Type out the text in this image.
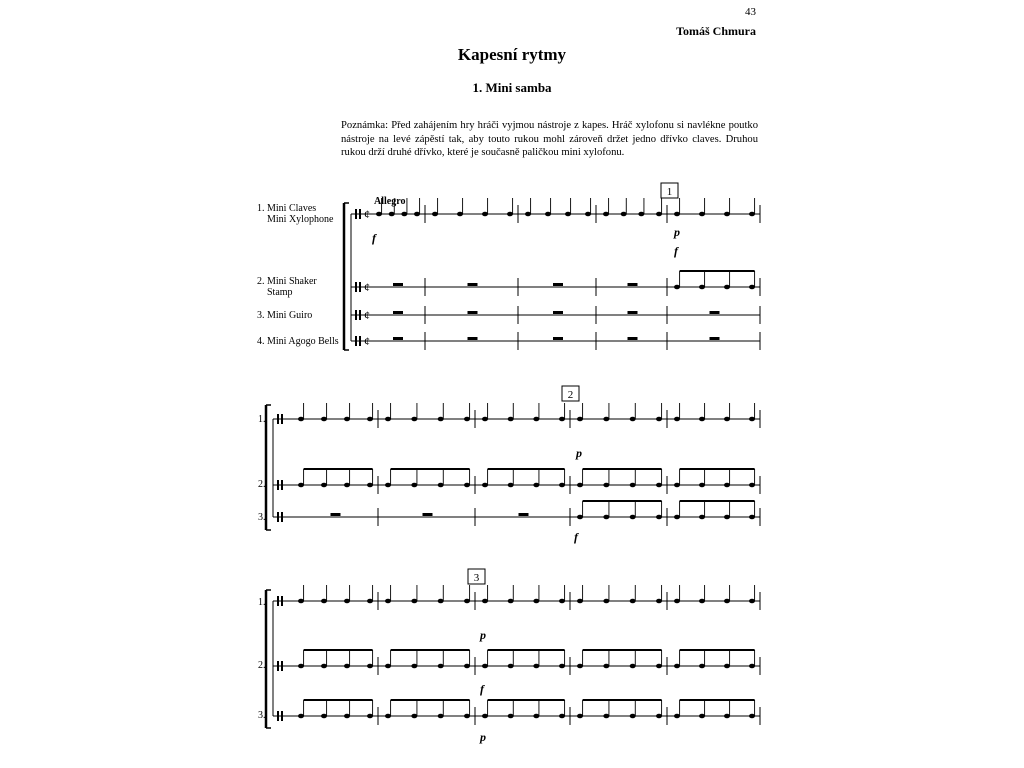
43
Tomáš Chmura
Kapesní rytmy
1. Mini samba
Poznámka: Před zahájením hry hráči vyjmou nástroje z kapes. Hráč xylofonu si navlékne poutko nástroje na levé zápěstí tak, aby touto rukou mohl zároveň držet jedno dřívko claves. Druhou rukou drží druhé dřívko, které je současně paličkou mini xylofonu.
1. Mini Claves
Mini Xylophone
2. Mini Shaker
Stamp
3. Mini Guiro
4. Mini Agogo Bells
1.
2.
3.
1.
2.
3.
1
2
3
Allegro
f	p
f
p
f
p
f
p
¢
¢
¢
¢
